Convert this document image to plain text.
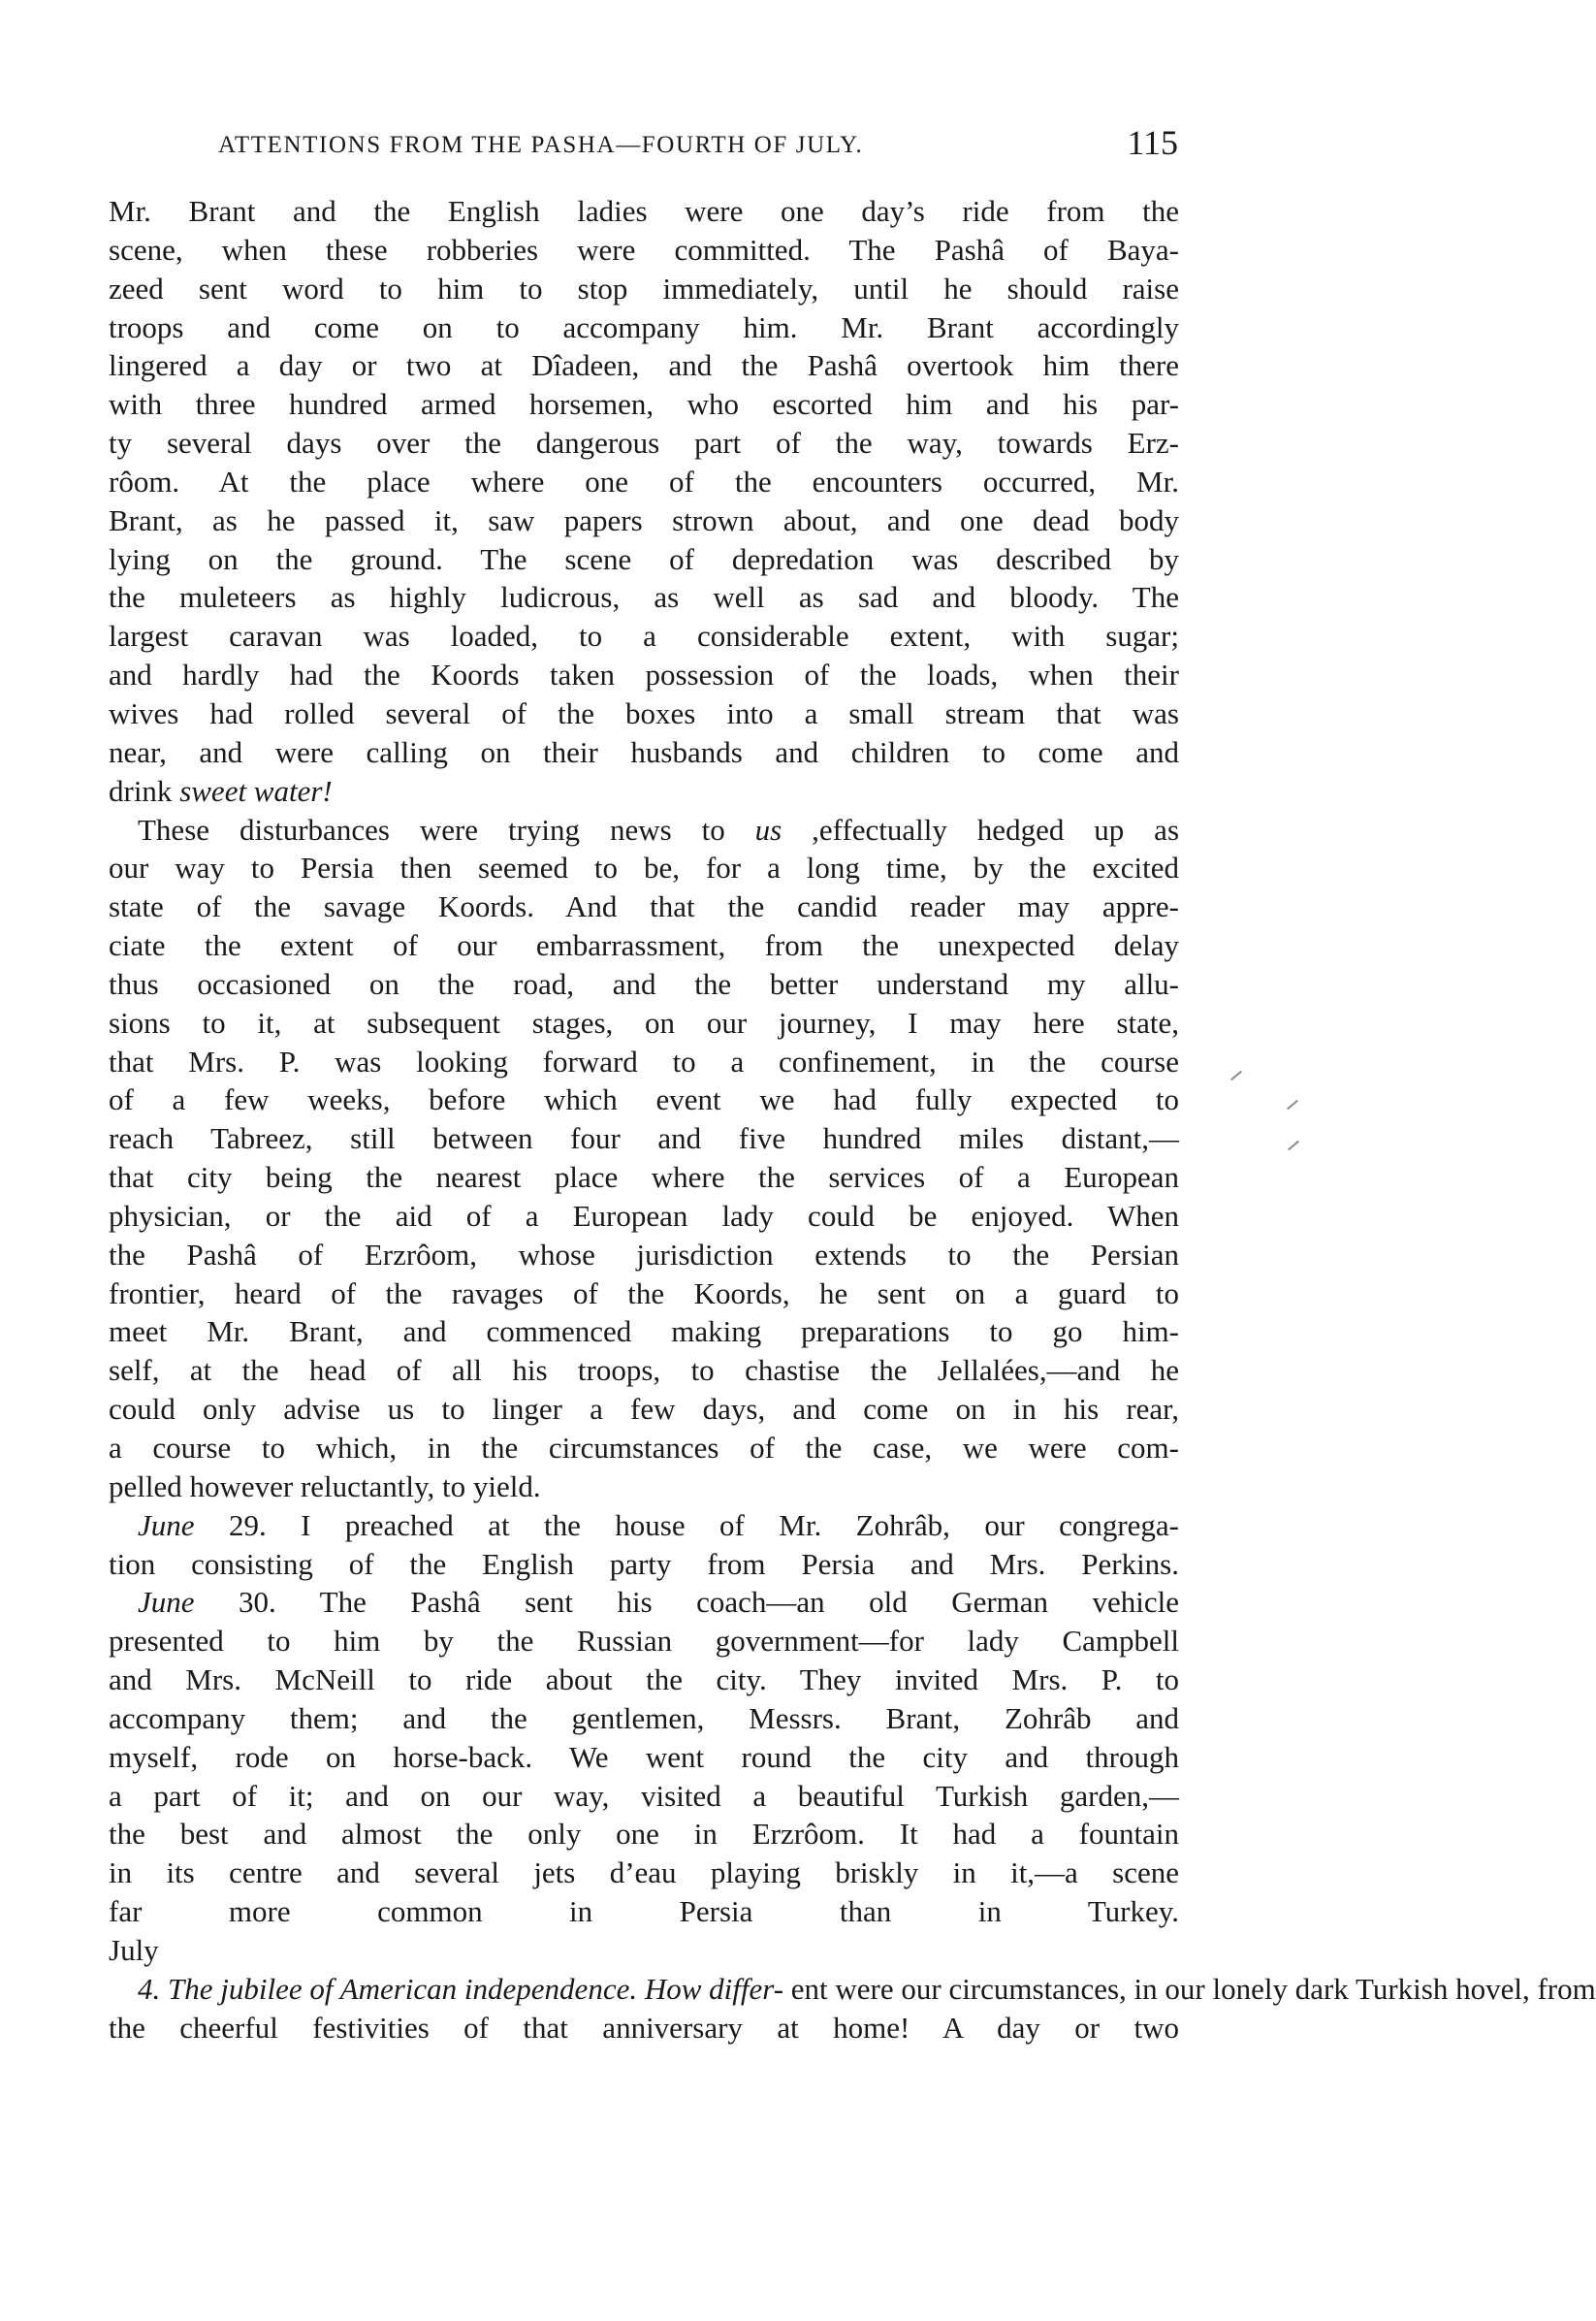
ATTENTIONS FROM THE PASHA—FOURTH OF JULY.	115
Mr. Brant and the English ladies were one day’s ride from the
scene, when these robberies were committed. The Pashâ of Baya-
zeed sent word to him to stop immediately, until he should raise
troops and come on to accompany him. Mr. Brant accordingly
lingered a day or two at Dîadeen, and the Pashâ overtook him there
with three hundred armed horsemen, who escorted him and his par-
ty several days over the dangerous part of the way, towards Erz-
rôom. At the place where one of the encounters occurred, Mr.
Brant, as he passed it, saw papers strown about, and one dead body
lying on the ground. The scene of depredation was described by
the muleteers as highly ludicrous, as well as sad and bloody. The
largest caravan was loaded, to a considerable extent, with sugar;
and hardly had the Koords taken possession of the loads, when their
wives had rolled several of the boxes into a small stream that was
near, and were calling on their husbands and children to come and
drink sweet water!
These disturbances were trying news to us ,effectually hedged up as
our way to Persia then seemed to be, for a long time, by the excited
state of the savage Koords. And that the candid reader may appre-
ciate the extent of our embarrassment, from the unexpected delay
thus occasioned on the road, and the better understand my allu-
sions to it, at subsequent stages, on our journey, I may here state,
that Mrs. P. was looking forward to a confinement, in the course
of a few weeks, before which event we had fully expected to
reach Tabreez, still between four and five hundred miles distant,—
that city being the nearest place where the services of a European
physician, or the aid of a European lady could be enjoyed. When
the Pashâ of Erzrôom, whose jurisdiction extends to the Persian
frontier, heard of the ravages of the Koords, he sent on a guard to
meet Mr. Brant, and commenced making preparations to go him-
self, at the head of all his troops, to chastise the Jellalées,—and he
could only advise us to linger a few days, and come on in his rear,
a course to which, in the circumstances of the case, we were com-
pelled however reluctantly, to yield.
June 29. I preached at the house of Mr. Zohrâb, our congrega-
tion consisting of the English party from Persia and Mrs. Perkins.
June 30. The Pashâ sent his coach—an old German vehicle
presented to him by the Russian government—for lady Campbell
and Mrs. McNeill to ride about the city. They invited Mrs. P. to
accompany them; and the gentlemen, Messrs. Brant, Zohrâb and
myself, rode on horse-back. We went round the city and through
a part of it; and on our way, visited a beautiful Turkish garden,—
the best and almost the only one in Erzrôom. It had a fountain
in its centre and several jets d’eau playing briskly in it,—a scene
far more common in Persia than in Turkey.
July
4. The jubilee of American independence. How differ- ent were our circumstances, in our lonely dark Turkish hovel, from
the cheerful festivities of that anniversary at home! A day or two
